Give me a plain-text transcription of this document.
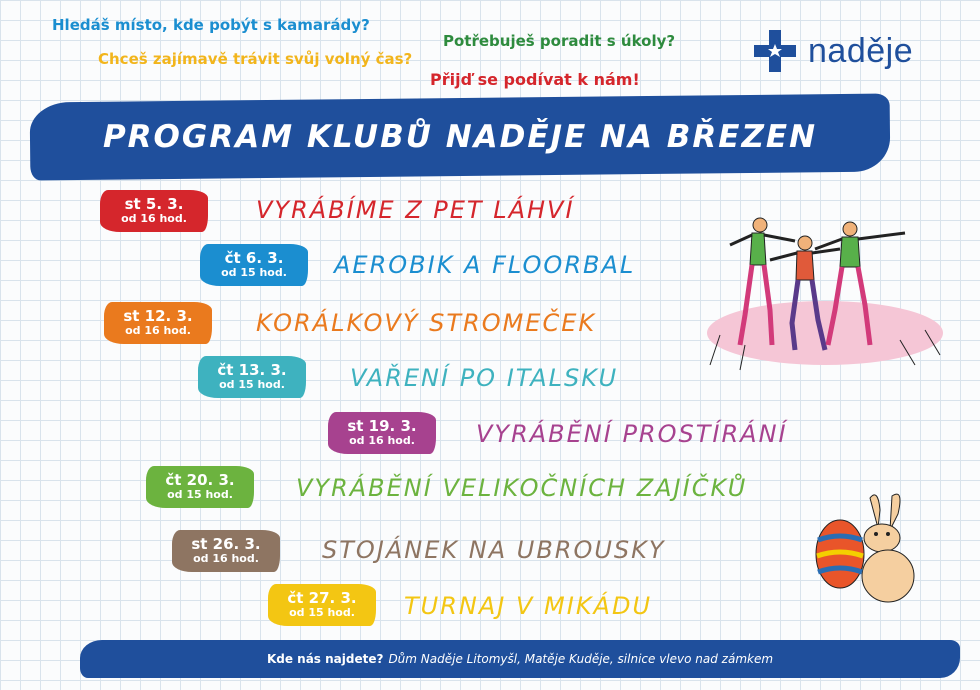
Hledáš místo, kde pobýt s kamarády?
Chceš zajímavě trávit svůj volný čas?
Potřebuješ poradit s úkoly?
Přijď se podívat k nám!
naděje
PROGRAM KLUBŮ NADĚJE NA BŘEZEN
st 5. 3.
od 16 hod.	VYRÁBÍME Z PET LÁHVÍ
čt 6. 3.
od 15 hod.	AEROBIK A FLOORBAL
st 12. 3.
od 16 hod.	KORÁLKOVÝ STROMEČEK
čt 13. 3.
od 15 hod.	VAŘENÍ PO ITALSKU
st 19. 3.
od 16 hod.	VYRÁBĚNÍ PROSTÍRÁNÍ
čt 20. 3.
od 15 hod.	VYRÁBĚNÍ VELIKOČNÍCH ZAJÍČKŮ
st 26. 3.
od 16 hod.	STOJÁNEK NA UBROUSKY
čt 27. 3.
od 15 hod.	TURNAJ V MIKÁDU
Kde nás najdete? Dům Naděje Litomyšl, Matěje Kuděje, silnice vlevo nad zámkem
